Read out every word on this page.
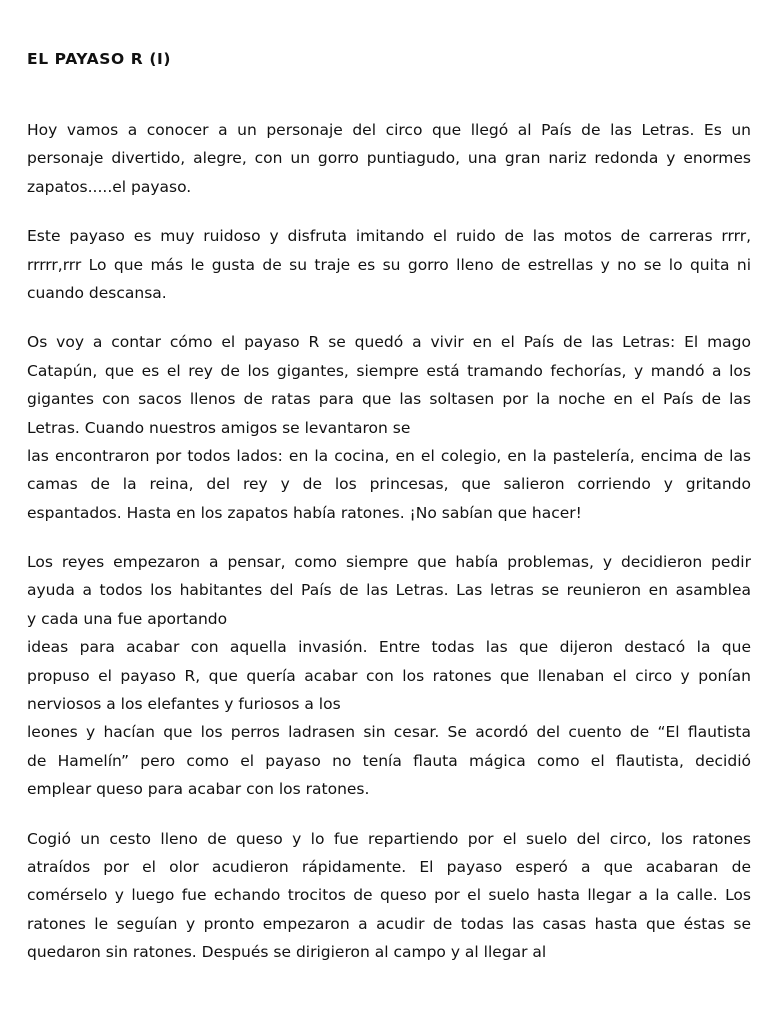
EL PAYASO R (I)
Hoy vamos a conocer a un personaje del circo que llegó al País de las Letras. Es un
personaje divertido, alegre, con un gorro puntiagudo, una gran nariz redonda y enormes
zapatos.....el payaso.
Este payaso es muy ruidoso y disfruta imitando el ruido de las motos de carreras rrrr,
rrrrr,rrr Lo que más le gusta de su traje es su gorro lleno de estrellas y no se lo quita ni
cuando descansa.
Os voy a contar cómo el payaso R se quedó a vivir en el País de las Letras: El mago
Catapún, que es el rey de los gigantes, siempre está tramando fechorías, y mandó a los
gigantes con sacos llenos de ratas para que las soltasen por la noche en el País de las
Letras. Cuando nuestros amigos se levantaron se
las encontraron por todos lados: en la cocina, en el colegio, en la pastelería, encima de las
camas de la reina, del rey y de los princesas, que salieron corriendo y gritando
espantados. Hasta en los zapatos había ratones. ¡No sabían que hacer!
Los reyes empezaron a pensar, como siempre que había problemas, y decidieron pedir
ayuda a todos los habitantes del País de las Letras. Las letras se reunieron en asamblea
y cada una fue aportando
ideas para acabar con aquella invasión. Entre todas las que dijeron destacó la que
propuso el payaso R, que quería acabar con los ratones que llenaban el circo y ponían
nerviosos a los elefantes y furiosos a los
leones y hacían que los perros ladrasen sin cesar. Se acordó del cuento de “El flautista
de Hamelín” pero como el payaso no tenía flauta mágica como el flautista, decidió
emplear queso para acabar con los ratones.
Cogió un cesto lleno de queso y lo fue repartiendo por el suelo del circo, los ratones
atraídos por el olor acudieron rápidamente. El payaso esperó a que acabaran de
comérselo y luego fue echando trocitos de queso por el suelo hasta llegar a la calle. Los
ratones le seguían y pronto empezaron a acudir de todas las casas hasta que éstas se
quedaron sin ratones. Después se dirigieron al campo y al llegar al
